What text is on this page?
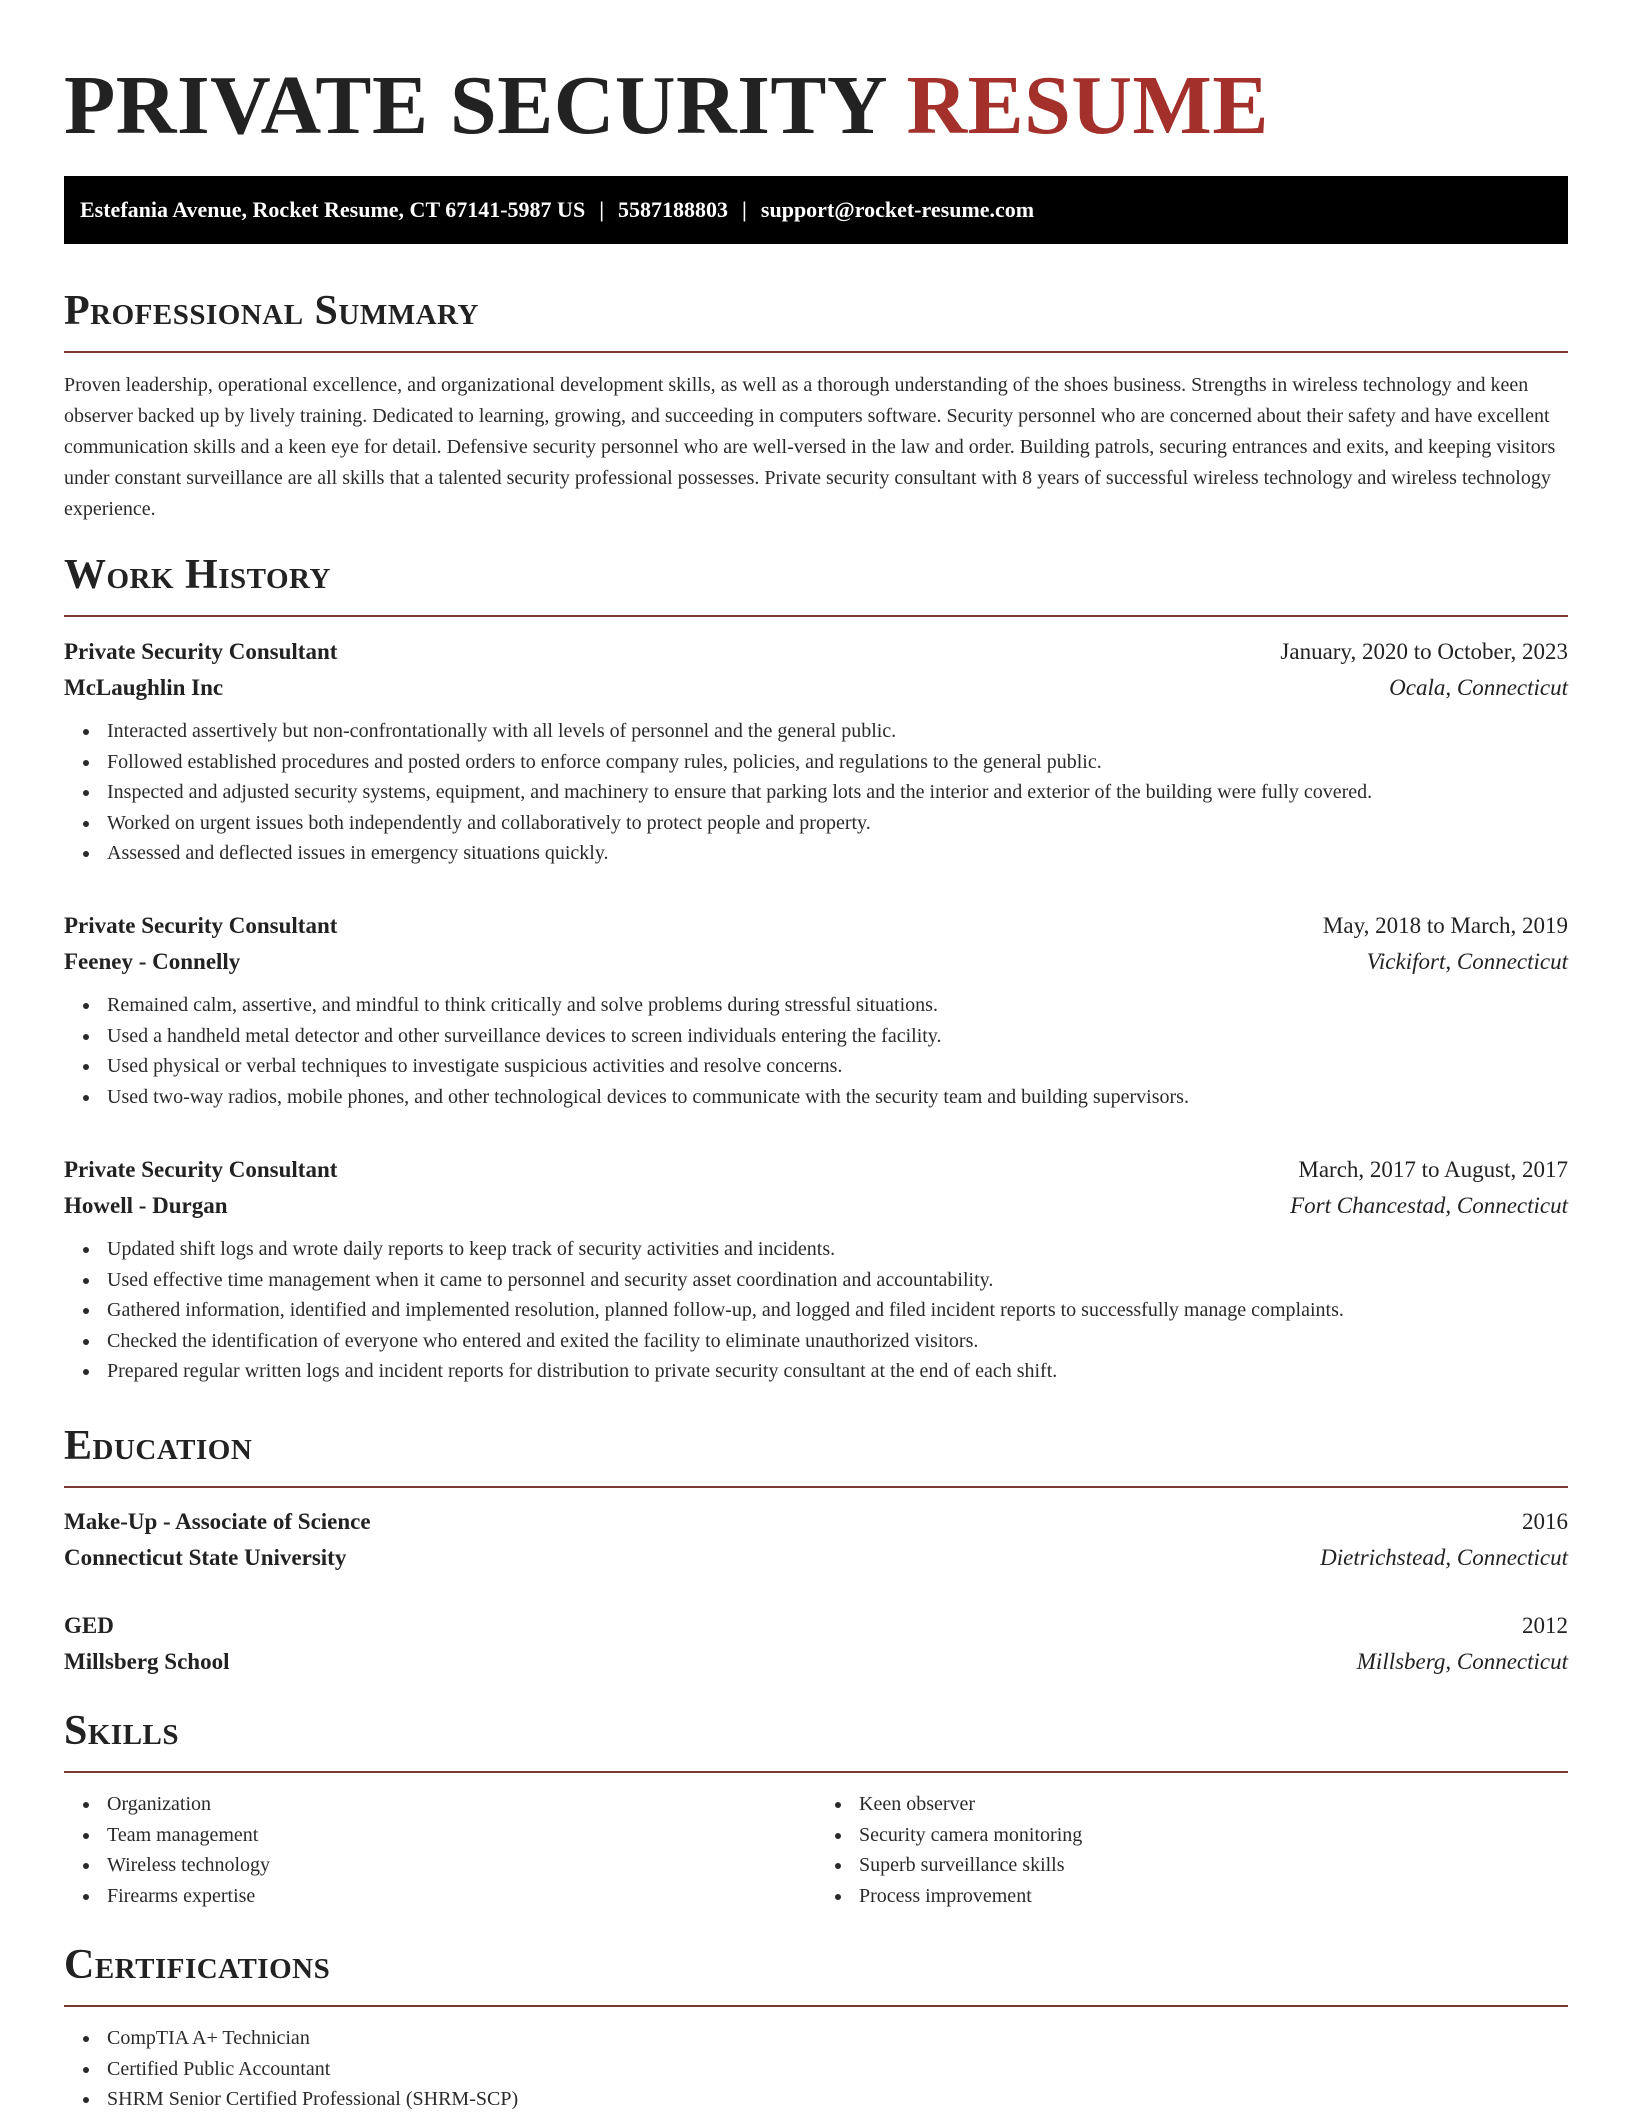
PRIVATE SECURITY RESUME
Estefania Avenue, Rocket Resume, CT 67141-5987 US | 5587188803 | support@rocket-resume.com
Professional Summary

Proven leadership, operational excellence, and organizational development skills, as well as a thorough understanding of the shoes business. Strengths in wireless technology and keen observer backed up by lively training. Dedicated to learning, growing, and succeeding in computers software. Security personnel who are concerned about their safety and have excellent communication skills and a keen eye for detail. Defensive security personnel who are well-versed in the law and order. Building patrols, securing entrances and exits, and keeping visitors under constant surveillance are all skills that a talented security professional possesses. Private security consultant with 8 years of successful wireless technology and wireless technology experience.

Work History
Private Security Consultant	January, 2020 to October, 2023
McLaughlin Inc	Ocala, Connecticut
Interacted assertively but non-confrontationally with all levels of personnel and the general public.
Followed established procedures and posted orders to enforce company rules, policies, and regulations to the general public.
Inspected and adjusted security systems, equipment, and machinery to ensure that parking lots and the interior and exterior of the building were fully covered.
Worked on urgent issues both independently and collaboratively to protect people and property.
Assessed and deflected issues in emergency situations quickly.
Private Security Consultant	May, 2018 to March, 2019
Feeney - Connelly	Vickifort, Connecticut
Remained calm, assertive, and mindful to think critically and solve problems during stressful situations.
Used a handheld metal detector and other surveillance devices to screen individuals entering the facility.
Used physical or verbal techniques to investigate suspicious activities and resolve concerns.
Used two-way radios, mobile phones, and other technological devices to communicate with the security team and building supervisors.
Private Security Consultant	March, 2017 to August, 2017
Howell - Durgan	Fort Chancestad, Connecticut
Updated shift logs and wrote daily reports to keep track of security activities and incidents.
Used effective time management when it came to personnel and security asset coordination and accountability.
Gathered information, identified and implemented resolution, planned follow-up, and logged and filed incident reports to successfully manage complaints.
Checked the identification of everyone who entered and exited the facility to eliminate unauthorized visitors.
Prepared regular written logs and incident reports for distribution to private security consultant at the end of each shift.
Education
Make-Up - Associate of Science	2016
Connecticut State University	Dietrichstead, Connecticut
GED	2012
Millsberg School	Millsberg, Connecticut
Skills
Organization
Team management
Wireless technology
Firearms expertise
Keen observer
Security camera monitoring
Superb surveillance skills
Process improvement
Certifications
CompTIA A+ Technician
Certified Public Accountant
SHRM Senior Certified Professional (SHRM-SCP)
